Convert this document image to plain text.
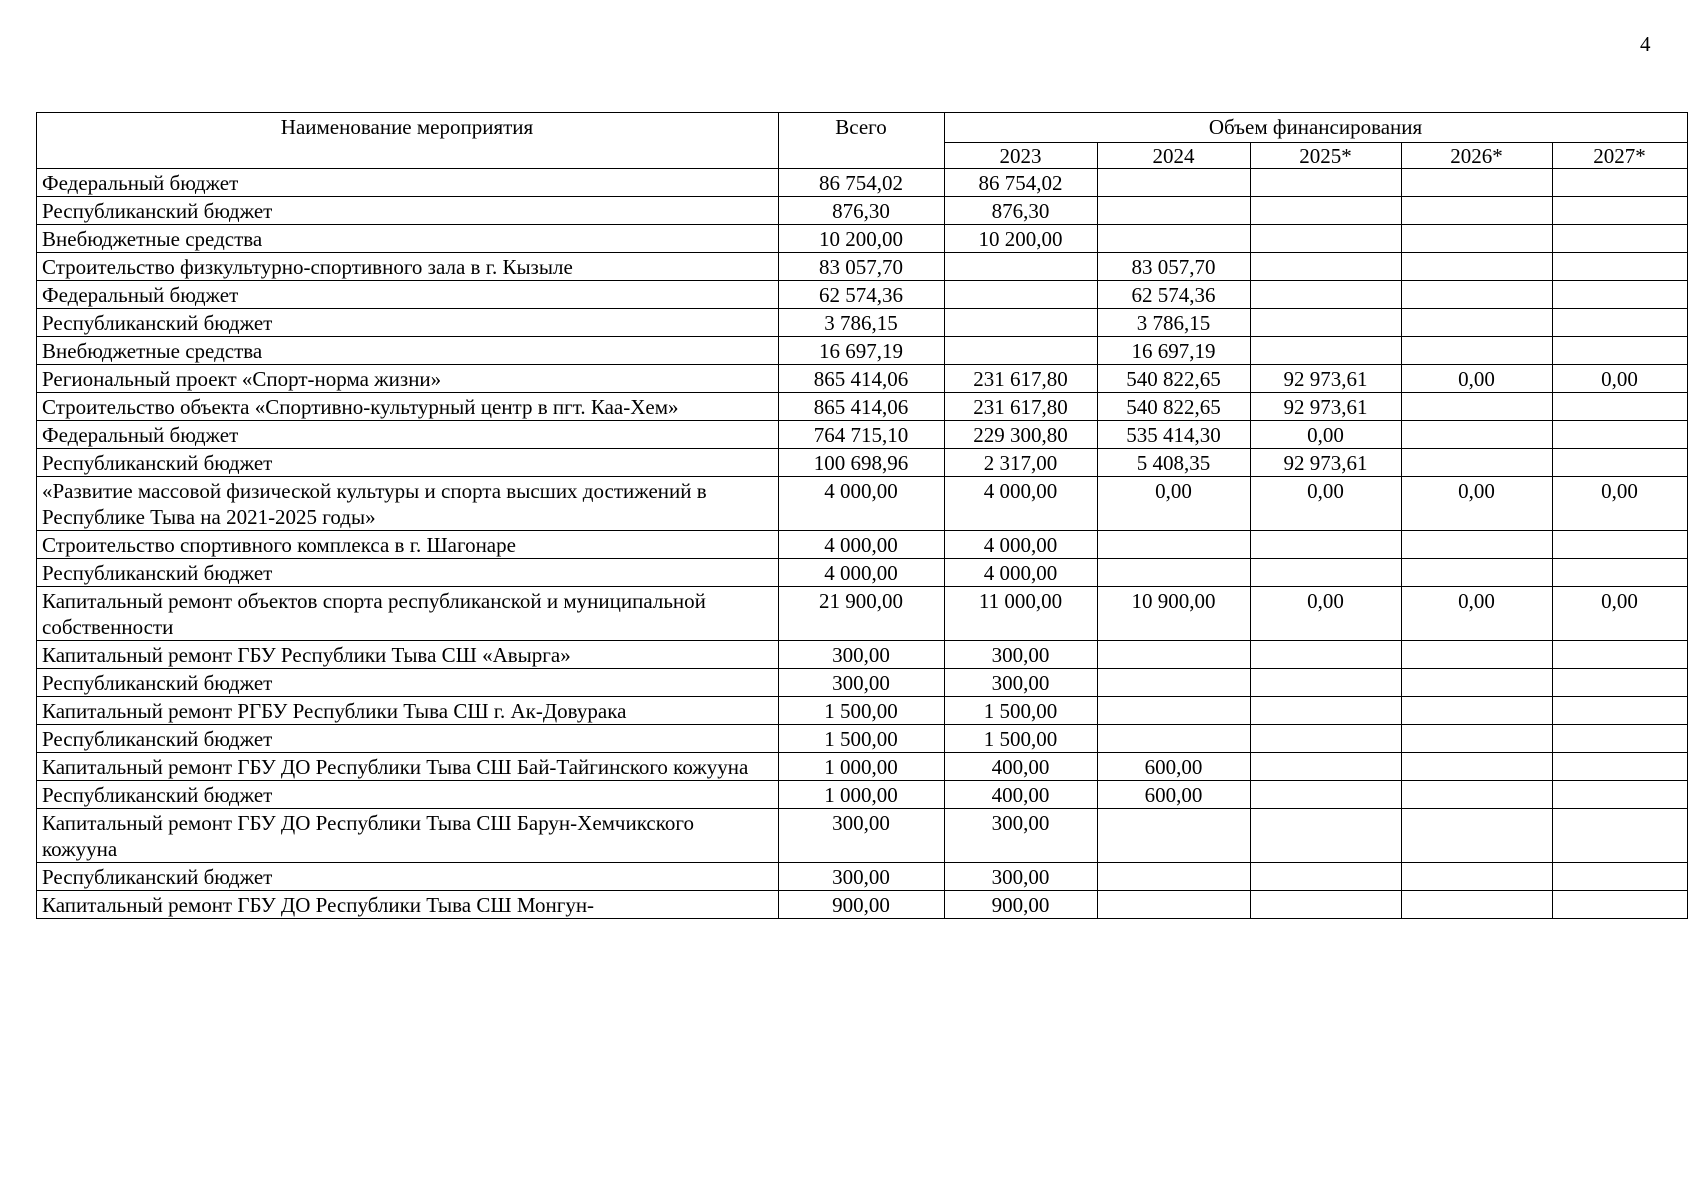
4
Наименование мероприятия	Всего	Объем финансирования				
		2023	2024	2025*	2026*	2027*
Федеральный бюджет	86 754,02	86 754,02				
Республиканский бюджет	876,30	876,30				
Внебюджетные средства	10 200,00	10 200,00				
Строительство физкультурно-спортивного зала в г. Кызыле	83 057,70		83 057,70			
Федеральный бюджет	62 574,36		62 574,36			
Республиканский бюджет	3 786,15		3 786,15			
Внебюджетные средства	16 697,19		16 697,19			
Региональный проект «Спорт-норма жизни»	865 414,06	231 617,80	540 822,65	92 973,61	0,00	0,00
Строительство объекта «Спортивно-культурный центр в пгт. Каа-Хем»	865 414,06	231 617,80	540 822,65	92 973,61		
Федеральный бюджет	764 715,10	229 300,80	535 414,30	0,00		
Республиканский бюджет	100 698,96	2 317,00	5 408,35	92 973,61		
«Развитие массовой физической культуры и спорта высших достижений в Республике Тыва на 2021-2025 годы»	4 000,00	4 000,00	0,00	0,00	0,00	0,00
Строительство спортивного комплекса в г. Шагонаре	4 000,00	4 000,00				
Республиканский бюджет	4 000,00	4 000,00				
Капитальный ремонт объектов спорта республиканской и муниципальной собственности	21 900,00	11 000,00	10 900,00	0,00	0,00	0,00
Капитальный ремонт ГБУ Республики Тыва СШ «Авырга»	300,00	300,00				
Республиканский бюджет	300,00	300,00				
Капитальный ремонт РГБУ Республики Тыва СШ г. Ак-Довурака	1 500,00	1 500,00				
Республиканский бюджет	1 500,00	1 500,00				
Капитальный ремонт ГБУ ДО Республики Тыва СШ Бай-Тайгинского кожууна	1 000,00	400,00	600,00			
Республиканский бюджет	1 000,00	400,00	600,00			
Капитальный ремонт ГБУ ДО Республики Тыва СШ Барун-Хемчикского кожууна	300,00	300,00				
Республиканский бюджет	300,00	300,00				
Капитальный ремонт ГБУ ДО Республики Тыва СШ Монгун-	900,00	900,00				
